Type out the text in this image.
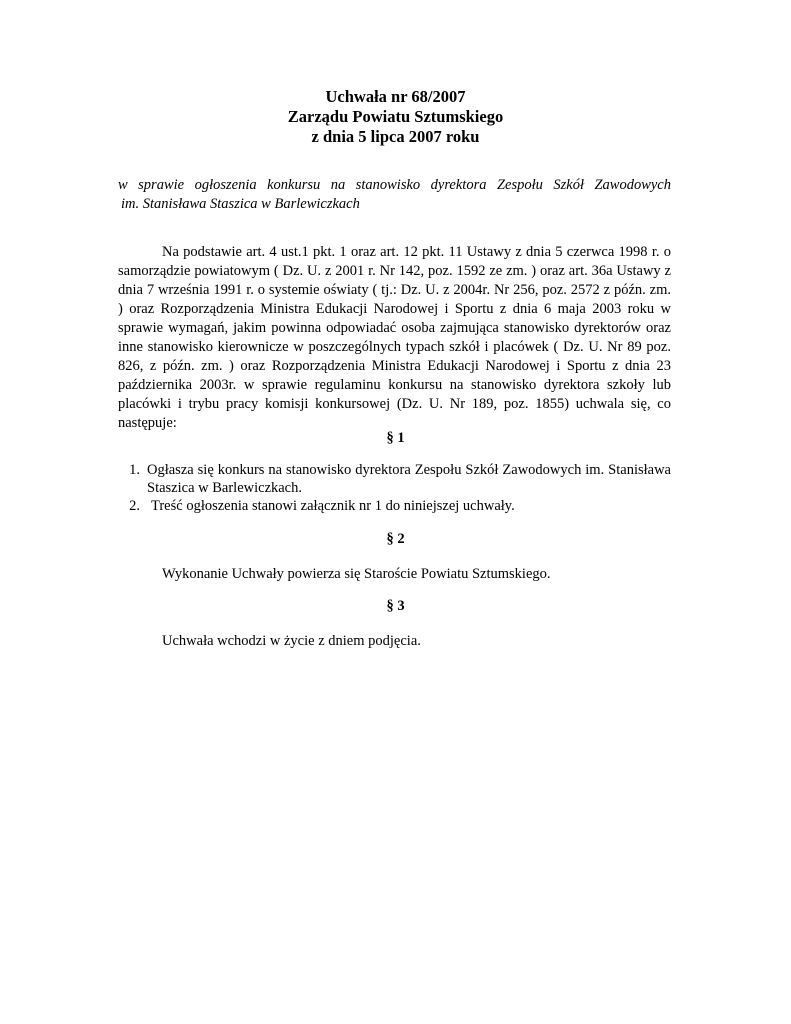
Uchwała nr 68/2007
Zarządu Powiatu Sztumskiego
z dnia 5 lipca 2007 roku
w sprawie ogłoszenia konkursu na stanowisko dyrektora Zespołu Szkół Zawodowych
im. Stanisława Staszica w Barlewiczkach
Na podstawie art. 4 ust.1 pkt. 1 oraz art. 12 pkt. 11 Ustawy z dnia 5 czerwca 1998 r. o samorządzie powiatowym ( Dz. U. z 2001 r. Nr 142, poz. 1592 ze zm. ) oraz art. 36a Ustawy z dnia 7 września 1991 r. o systemie oświaty ( tj.: Dz. U. z 2004r. Nr 256, poz. 2572 z późn. zm. ) oraz Rozporządzenia Ministra Edukacji Narodowej i Sportu z dnia 6 maja 2003 roku w sprawie wymagań, jakim powinna odpowiadać osoba zajmująca stanowisko dyrektorów oraz inne stanowisko kierownicze w poszczególnych typach szkół i placówek ( Dz. U. Nr 89 poz. 826, z późn. zm. ) oraz Rozporządzenia Ministra Edukacji Narodowej i Sportu z dnia 23 października 2003r. w sprawie regulaminu konkursu na stanowisko dyrektora szkoły lub placówki i trybu pracy komisji konkursowej (Dz. U. Nr 189, poz. 1855) uchwala się, co następuje:
§ 1
1. Ogłasza się konkurs na stanowisko dyrektora Zespołu Szkół Zawodowych im. Stanisława Staszica w Barlewiczkach.
2. Treść ogłoszenia stanowi załącznik nr 1 do niniejszej uchwały.
§ 2
Wykonanie Uchwały powierza się Staroście Powiatu Sztumskiego.
§ 3
Uchwała wchodzi w życie z dniem podjęcia.
